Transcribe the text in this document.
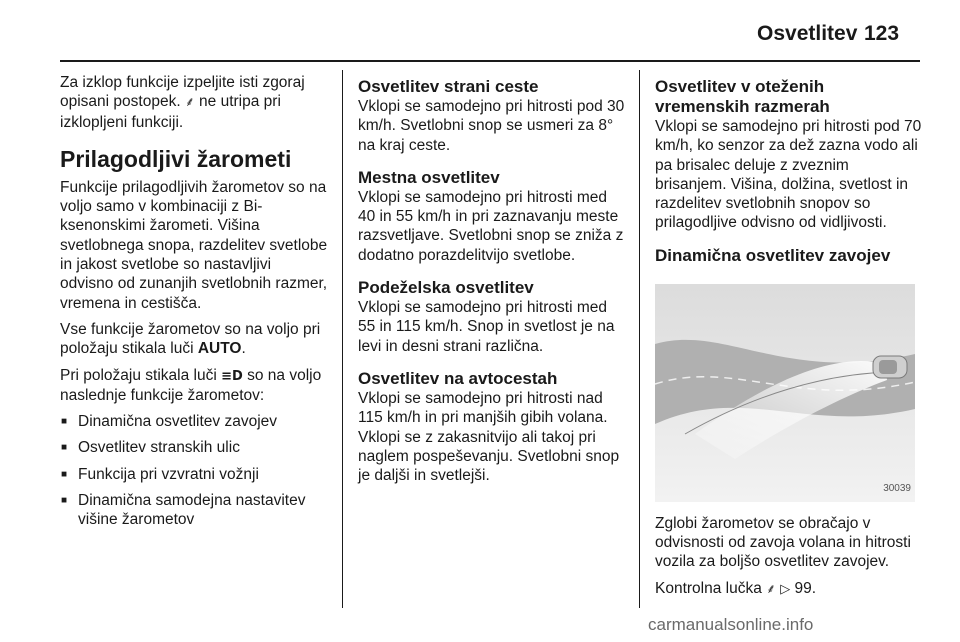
Osvetlitev 123

Za izklop funkcije izpeljite isti zgoraj opisani postopek. ⸙ ne utripa pri izklopljeni funkciji.

Prilagodljivi žarometi

Funkcije prilagodljivih žarometov so na voljo samo v kombinaciji z Bi-ksenonskimi žarometi. Višina svetlobnega snopa, razdelitev svetlobe in jakost svetlobe so nastavljivi odvisno od zunanjih svetlobnih razmer, vremena in cestišča.

Vse funkcije žarometov so na voljo pri položaju stikala luči AUTO.

Pri položaju stikala luči ≡D so na voljo naslednje funkcije žarometov:

■ Dinamična osvetlitev zavojev
■ Osvetlitev stranskih ulic
■ Funkcija pri vzvratni vožnji
■ Dinamična samodejna nastavitev višine žarometov
Osvetlitev strani ceste

Vklopi se samodejno pri hitrosti pod 30 km/h. Svetlobni snop se usmeri za 8° na kraj ceste.

Mestna osvetlitev

Vklopi se samodejno pri hitrosti med 40 in 55 km/h in pri zaznavanju meste razsvetljave. Svetlobni snop se zniža z dodatno porazdelitvijo svetlobe.

Podeželska osvetlitev

Vklopi se samodejno pri hitrosti med 55 in 115 km/h. Snop in svetlost je na levi in desni strani različna.

Osvetlitev na avtocestah

Vklopi se samodejno pri hitrosti nad 115 km/h in pri manjših gibih volana. Vklopi se z zakasnitvijo ali takoj pri naglem pospeševanju. Svetlobni snop je daljši in svetlejši.

Osvetlitev v oteženih vremenskih razmerah

Vklopi se samodejno pri hitrosti pod 70 km/h, ko senzor za dež zazna vodo ali pa brisalec deluje z zveznim brisanjem. Višina, dolžina, svetlost in razdelitev svetlobnih snopov so prilagodljive odvisno od vidljivosti.

Dinamična osvetlitev zavojev
30039

Zglobi žarometov se obračajo v odvisnosti od zavoja volana in hitrosti vozila za boljšo osvetlitev zavojev.

Kontrolna lučka ⸙ ▷ 99.

carmanualsonline.info
